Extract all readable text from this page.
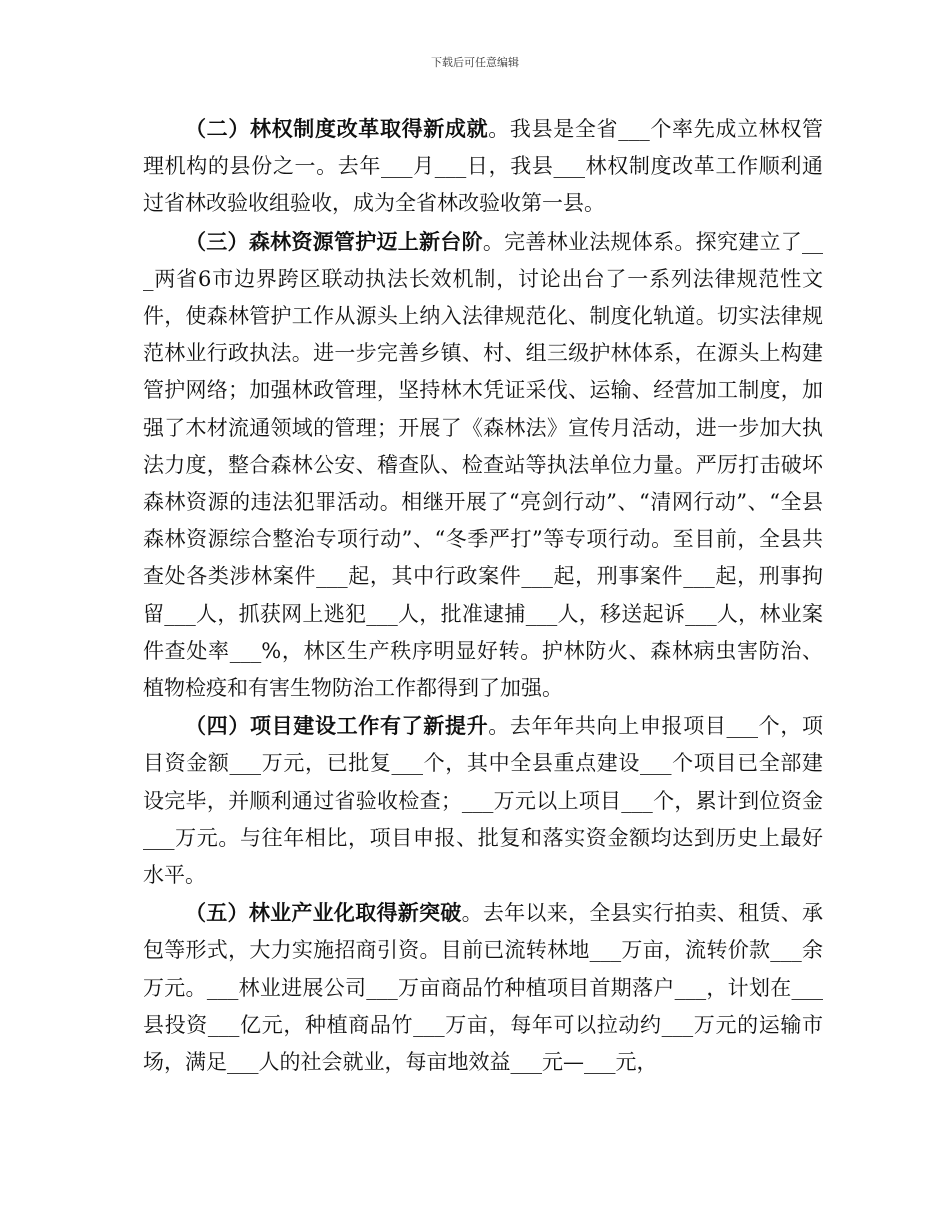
下载后可任意编辑

（二）林权制度改革取得新成就。我县是全省___个率先成立林权管理机构的县份之一。去年___月___日，我县___林权制度改革工作顺利通过省林改验收组验收，成为全省林改验收第一县。

（三）森林资源管护迈上新台阶。完善林业法规体系。探究建立了___两省6市边界跨区联动执法长效机制，讨论出台了一系列法律规范性文件，使森林管护工作从源头上纳入法律规范化、制度化轨道。切实法律规范林业行政执法。进一步完善乡镇、村、组三级护林体系，在源头上构建管护网络；加强林政管理，坚持林木凭证采伐、运输、经营加工制度，加强了木材流通领域的管理；开展了《森林法》宣传月活动，进一步加大执法力度，整合森林公安、稽查队、检查站等执法单位力量。严厉打击破坏森林资源的违法犯罪活动。相继开展了“亮剑行动”、“清网行动”、“全县森林资源综合整治专项行动”、“冬季严打”等专项行动。至目前，全县共查处各类涉林案件___起，其中行政案件___起，刑事案件___起，刑事拘留___人，抓获网上逃犯___人，批准逮捕___人，移送起诉___人，林业案件查处率___%，林区生产秩序明显好转。护林防火、森林病虫害防治、植物检疫和有害生物防治工作都得到了加强。

（四）项目建设工作有了新提升。去年年共向上申报项目___个，项目资金额___万元，已批复___个，其中全县重点建设___个项目已全部建设完毕，并顺利通过省验收检查；___万元以上项目___个，累计到位资金___万元。与往年相比，项目申报、批复和落实资金额均达到历史上最好水平。

（五）林业产业化取得新突破。去年以来，全县实行拍卖、租赁、承包等形式，大力实施招商引资。目前已流转林地___万亩，流转价款___余万元。___林业进展公司___万亩商品竹种植项目首期落户___，计划在___县投资___亿元，种植商品竹___万亩，每年可以拉动约___万元的运输市场，满足___人的社会就业，每亩地效益___元—___元，
